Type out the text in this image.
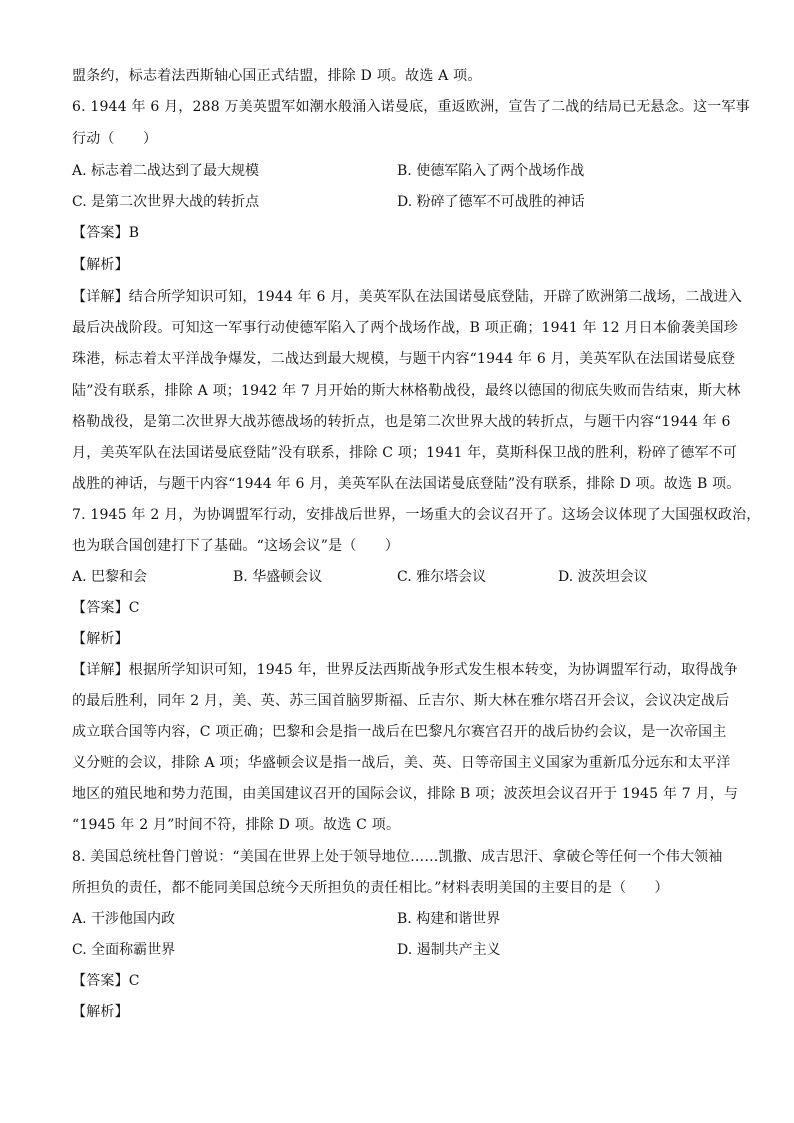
盟条约，标志着法西斯轴心国正式结盟，排除 D 项。故选 A 项。
6. 1944 年 6 月，288 万美英盟军如潮水般涌入诺曼底，重返欧洲，宣告了二战的结局已无悬念。这一军事
行动（　　）
A. 标志着二战达到了最大规模	B. 使德军陷入了两个战场作战
C. 是第二次世界大战的转折点	D. 粉碎了德军不可战胜的神话
【答案】B
【解析】
【详解】结合所学知识可知，1944 年 6 月，美英军队在法国诺曼底登陆，开辟了欧洲第二战场，二战进入
最后决战阶段。可知这一军事行动使德军陷入了两个战场作战，B 项正确；1941 年 12 月日本偷袭美国珍
珠港，标志着太平洋战争爆发，二战达到最大规模，与题干内容“1944 年 6 月，美英军队在法国诺曼底登
陆”没有联系，排除 A 项；1942 年 7 月开始的斯大林格勒战役，最终以德国的彻底失败而告结束，斯大林
格勒战役，是第二次世界大战苏德战场的转折点，也是第二次世界大战的转折点，与题干内容“1944 年 6
月，美英军队在法国诺曼底登陆”没有联系，排除 C 项；1941 年，莫斯科保卫战的胜利，粉碎了德军不可
战胜的神话，与题干内容“1944 年 6 月，美英军队在法国诺曼底登陆”没有联系，排除 D 项。故选 B 项。
7. 1945 年 2 月，为协调盟军行动，安排战后世界，一场重大的会议召开了。这场会议体现了大国强权政治，
也为联合国创建打下了基础。“这场会议”是（　　）
A. 巴黎和会	B. 华盛顿会议	C. 雅尔塔会议	D. 波茨坦会议
【答案】C
【解析】
【详解】根据所学知识可知，1945 年，世界反法西斯战争形式发生根本转变，为协调盟军行动，取得战争
的最后胜利，同年 2 月，美、英、苏三国首脑罗斯福、丘吉尔、斯大林在雅尔塔召开会议，会议决定战后
成立联合国等内容，C 项正确；巴黎和会是指一战后在巴黎凡尔赛宫召开的战后协约会议，是一次帝国主
义分赃的会议，排除 A 项；华盛顿会议是指一战后，美、英、日等帝国主义国家为重新瓜分远东和太平洋
地区的殖民地和势力范围，由美国建议召开的国际会议，排除 B 项；波茨坦会议召开于 1945 年 7 月，与
“1945 年 2 月”时间不符，排除 D 项。故选 C 项。
8. 美国总统杜鲁门曾说：“美国在世界上处于领导地位……凯撒、成吉思汗、拿破仑等任何一个伟大领袖
所担负的责任，都不能同美国总统今天所担负的责任相比。”材料表明美国的主要目的是（　　）
A. 干涉他国内政	B. 构建和谐世界
C. 全面称霸世界	D. 遏制共产主义
【答案】C
【解析】
